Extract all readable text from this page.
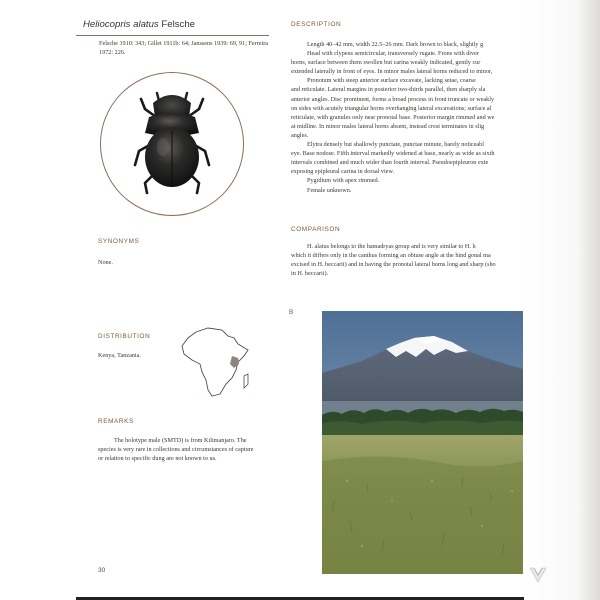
Heliocopris alatus Felsche
Felsche 1910: 343; Gillet 1911b: 64; Janssens 1939: 69, 91; Ferreira 1972: 226.
SYNONYMS
None.
DISTRIBUTION
Kenya, Tanzania.
REMARKS
The holotype male (SMTD) is from Kilimanjaro. The species is very rare in collections and circumstances of capture or relation to specific dung are not known to us.
DESCRIPTION

Length 40–42 mm, width 22.5–26 mm. Dark brown to black, slightly g

Head with clypeus semicircular, transversely rugate. Frons with diver

horns, surface between them swollen but carina weakly indicated, gently cur

extended laterally in front of eyes. In minor males lateral horns reduced to minor,

Pronotum with steep anterior surface excavate, lacking setae, coarse

and reticulate. Lateral margins in posterior two-thirds parallel, then sharply sla

anterior angles. Disc prominent, forms a broad process in front truncate or weakly

on sides with acutely triangular horns overhanging lateral excavations; surface al

reticulate, with granules only near pronotal base. Posterior margin rimmed and we

at midline. In minor males lateral horns absent, instead crest terminates in slig

angles.

Elytra densely but shallowly punctate, punctae minute, barely noticeabl

eye. Base nodose. Fifth interval markedly widened at base, nearly as wide as sixth

intervals combined and much wider than fourth interval. Pseudoepipleuron exte

exposing epipleural carina in dorsal view.

Pygidium with apex rimmed.

Female unknown.

COMPARISON

H. alatus belongs to the hamadryas group and is very similar to H. h

which it differs only in the canthus forming an obtuse angle at the hind gonal ma

excised in H. beccarii) and in having the pronotal lateral horns long and sharp (sho

in H. beccarii).

B
30
